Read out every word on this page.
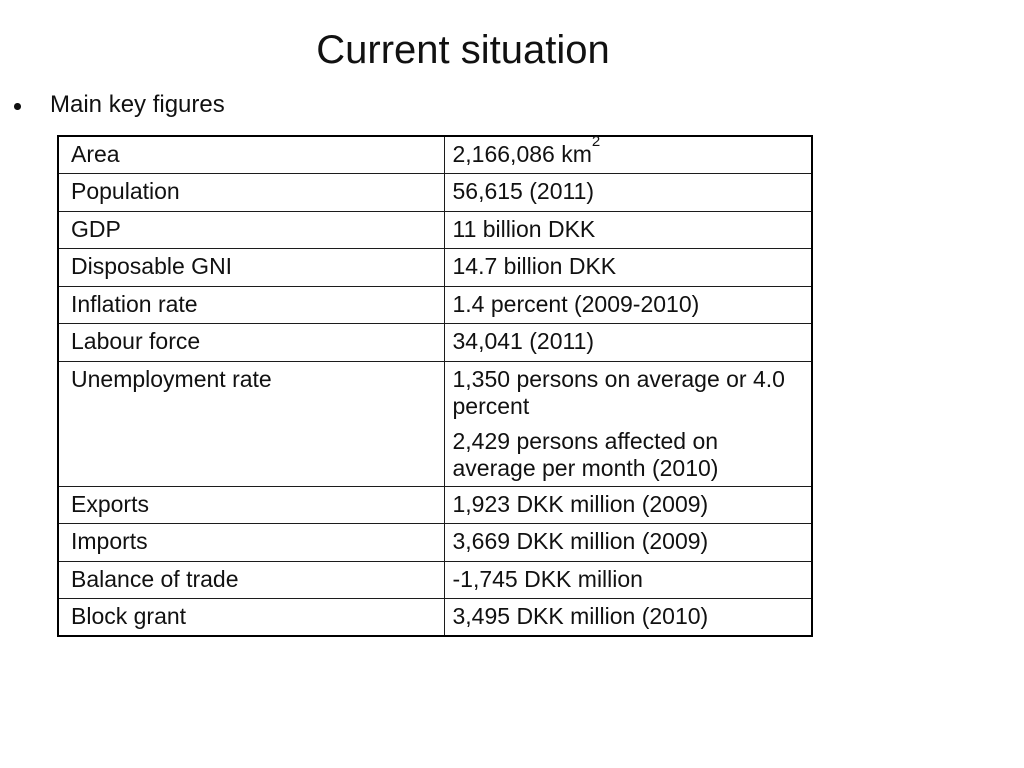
Current situation
Main key figures
Area	2,166,086 $km^2$

Population	56,615 (2011)

GDP	11 billion DKK

Disposable GNI	14.7 billion DKK

Inflation rate	1.4 percent (2009-2010)

Labour force	34,041 (2011)

Unemployment rate	1,350 persons on average or 4.0 percent

2,429 persons affected on average per month (2010)

Exports	1,923 DKK million (2009)

Imports	3,669 DKK million (2009)

Balance of trade	-1,745 DKK million

Block grant	3,495 DKK million (2010)
